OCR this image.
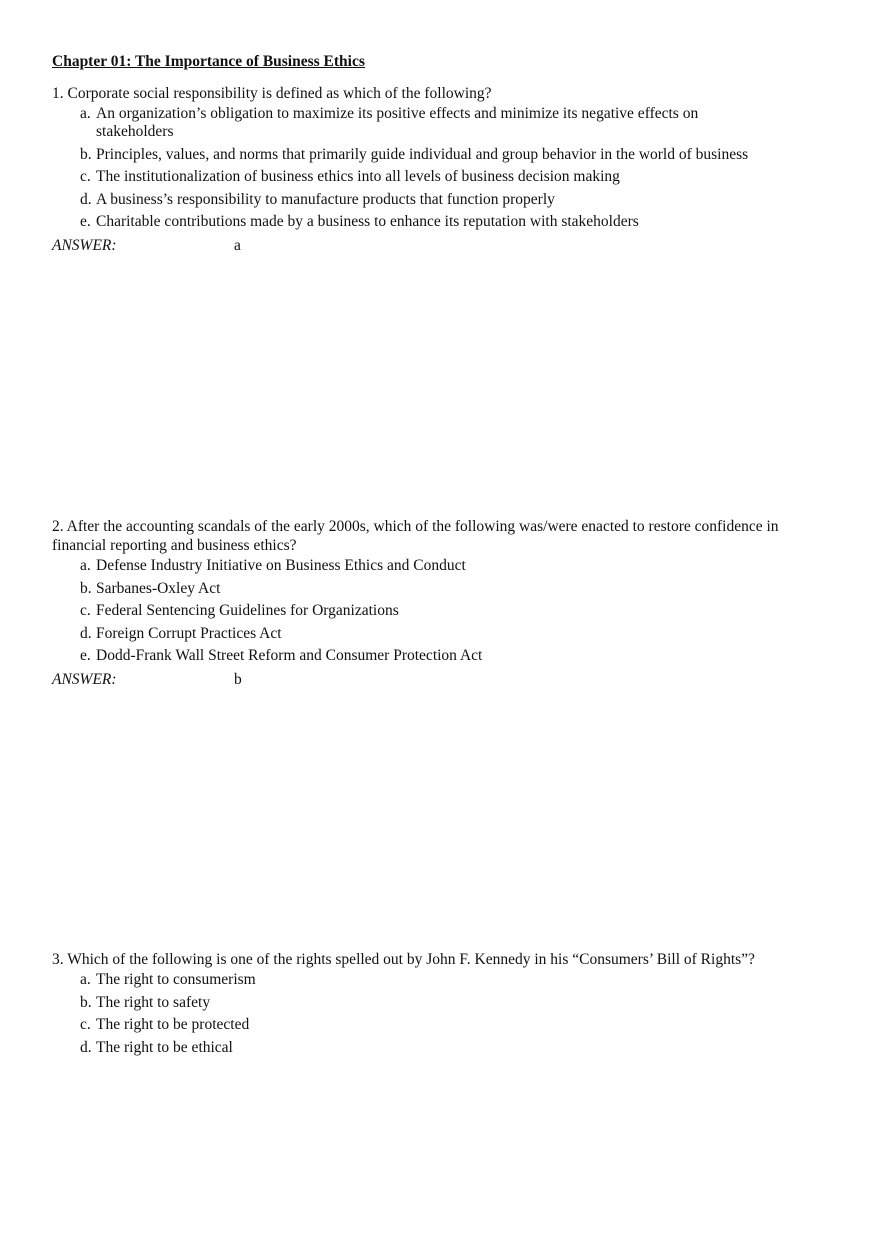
Chapter 01: The Importance of Business Ethics

1. Corporate social responsibility is defined as which of the following?

a. An organization’s obligation to maximize its positive effects and minimize its negative effects on stakeholders
b. Principles, values, and norms that primarily guide individual and group behavior in the world of business
c. The institutionalization of business ethics into all levels of business decision making
d. A business’s responsibility to manufacture products that function properly
e. Charitable contributions made by a business to enhance its reputation with stakeholders
ANSWER:	a

2. After the accounting scandals of the early 2000s, which of the following was/were enacted to restore confidence in financial reporting and business ethics?

a. Defense Industry Initiative on Business Ethics and Conduct
b. Sarbanes-Oxley Act
c. Federal Sentencing Guidelines for Organizations
d. Foreign Corrupt Practices Act
e. Dodd-Frank Wall Street Reform and Consumer Protection Act
ANSWER:	b

3. Which of the following is one of the rights spelled out by John F. Kennedy in his “Consumers’ Bill of Rights”?

a. The right to consumerism
b. The right to safety
c. The right to be protected
d. The right to be ethical
